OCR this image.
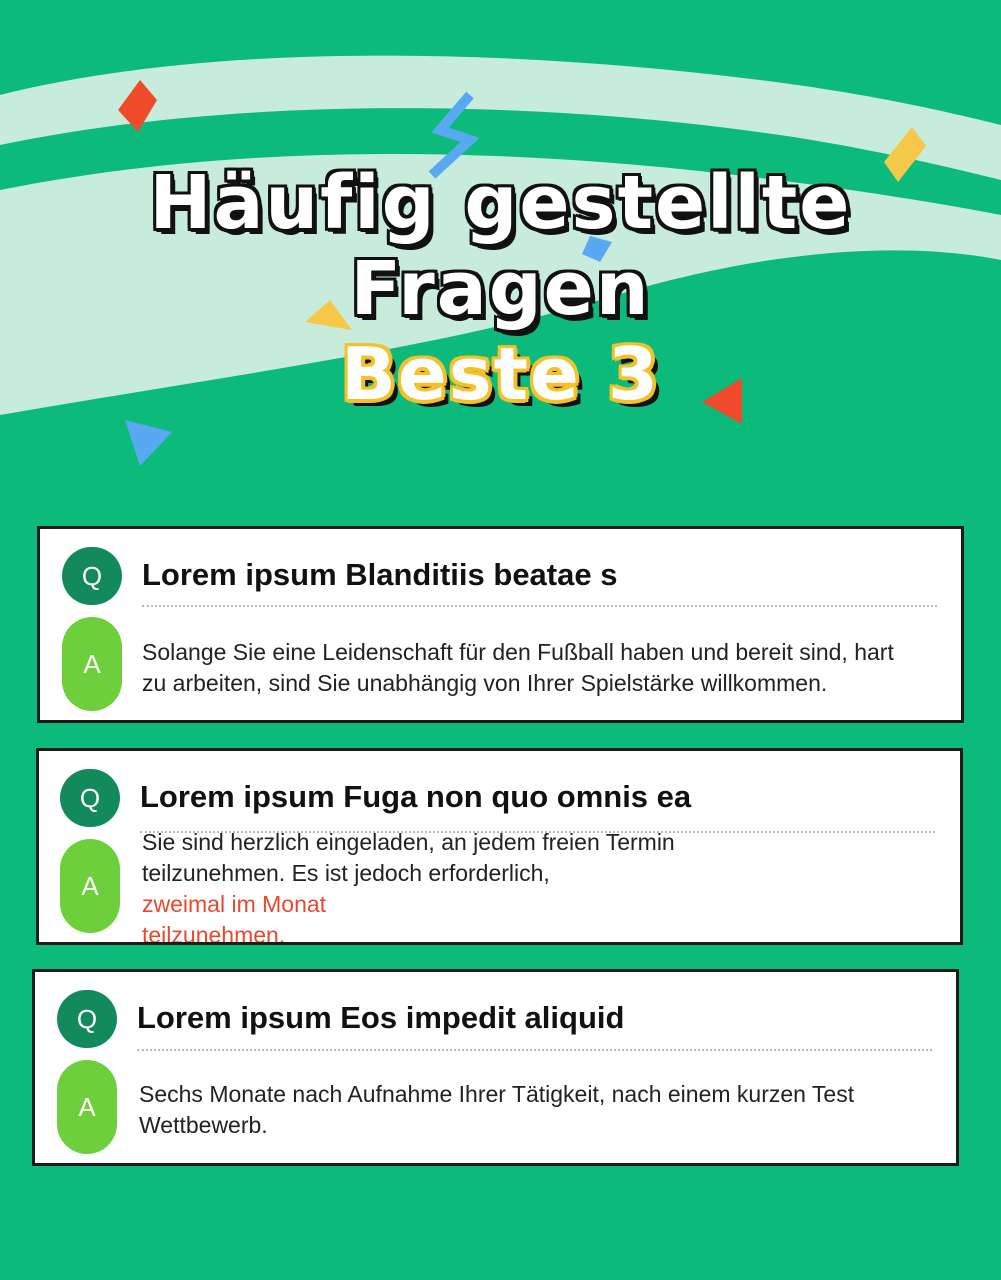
Häufig gestellte
Fragen
Beste 3
Q	Lorem ipsum Blanditiis beatae s
A	Solange Sie eine Leidenschaft für den Fußball haben und bereit sind, hart
zu arbeiten, sind Sie unabhängig von Ihrer Spielstärke willkommen.
Q	Lorem ipsum Fuga non quo omnis ea
A
Sie sind herzlich eingeladen, an jedem freien Termin
teilzunehmen. Es ist jedoch erforderlich,
zweimal im Monat
teilzunehmen.
Q	Lorem ipsum Eos impedit aliquid
A	Sechs Monate nach Aufnahme Ihrer Tätigkeit, nach einem kurzen Test
Wettbewerb.
